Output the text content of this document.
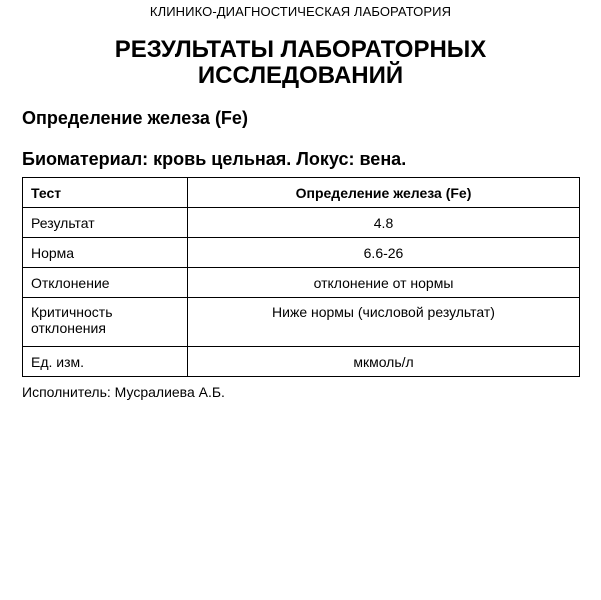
КЛИНИКО-ДИАГНОСТИЧЕСКАЯ ЛАБОРАТОРИЯ
РЕЗУЛЬТАТЫ ЛАБОРАТОРНЫХ
ИССЛЕДОВАНИЙ
Определение железа (Fe)
Биоматериал: кровь цельная. Локус: вена.
Тест	Определение железа (Fe)
Результат	4.8
Норма	6.6-26
Отклонение	отклонение от нормы

Критичность
отклонения	Ниже нормы (числовой результат)
Ед. изм.	мкмоль/л
Исполнитель: Мусралиева А.Б.
